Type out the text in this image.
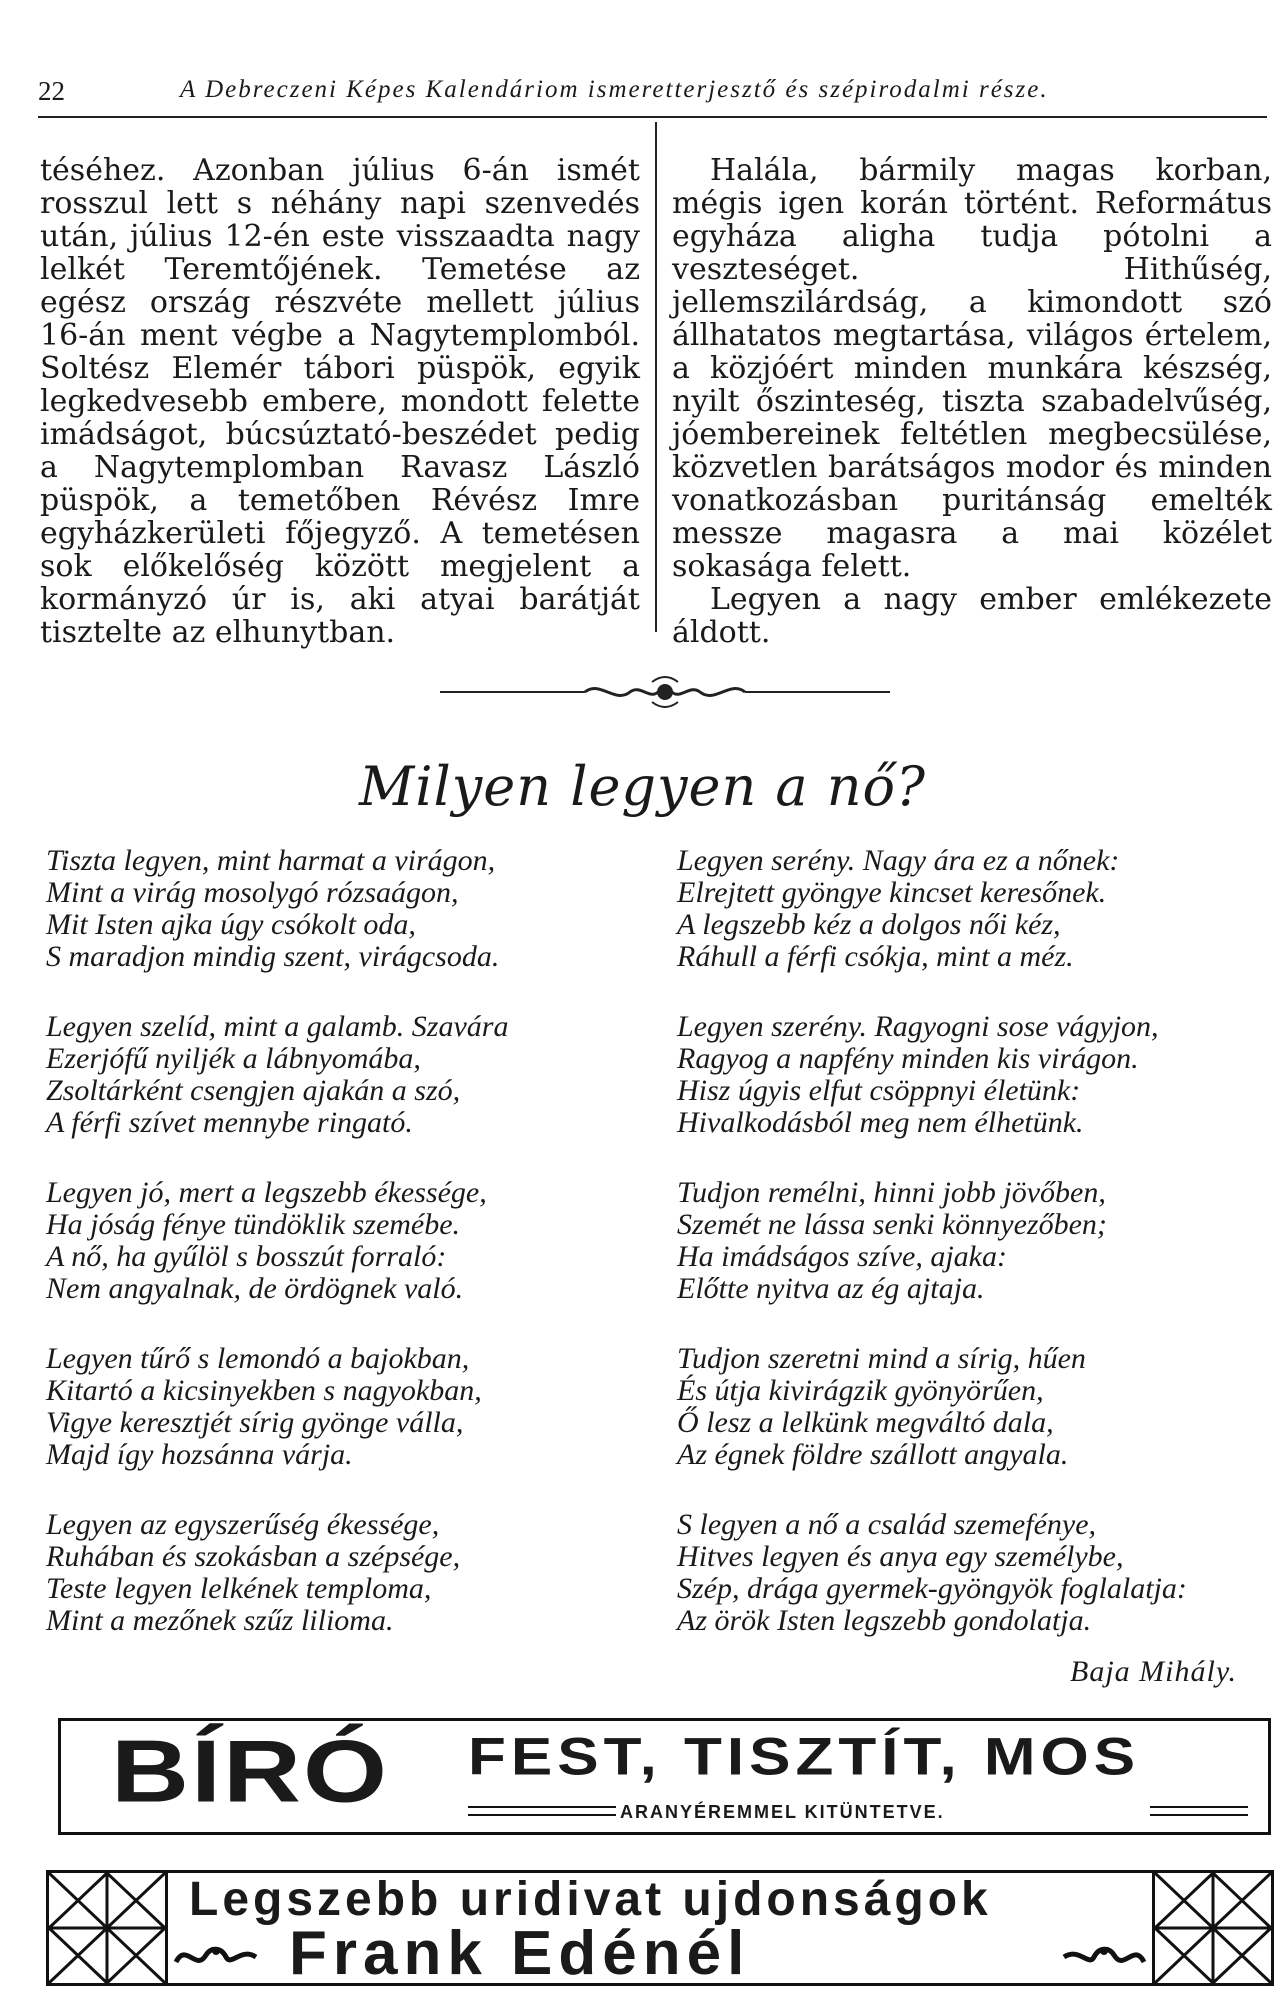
22	A Debreczeni Képes Kalendáriom ismeretterjesztő és szépirodalmi része.

téséhez. Azonban július 6-án ismét rosszul lett s néhány napi szenvedés után, július 12-én este visszaadta nagy lelkét Teremtőjének. Temetése az egész ország részvéte mellett július 16-án ment végbe a Nagytemplomból. Soltész Elemér tábori püspök, egyik legkedvesebb embere, mondott felette imádságot, búcsúztató-beszédet pedig a Nagytemplomban Ravasz László püspök, a temetőben Révész Imre egyházkerületi főjegyző. A temetésen sok előkelőség között megjelent a kormányzó úr is, aki atyai barátját tisztelte az elhunytban.

Halála, bármily magas korban, mégis igen korán történt. Református egyháza aligha tudja pótolni a veszteséget. Hithűség, jellemszilárdság, a kimondott szó állhatatos megtartása, világos értelem, a közjóért minden munkára készség, nyilt őszinteség, tiszta szabadelvűség, jóembereinek feltétlen megbecsülése, közvetlen barátságos modor és minden vonatkozásban puritánság emelték messze magasra a mai közélet sokasága felett.

Legyen a nagy ember emlékezete áldott.

Milyen legyen a nő?
Tiszta legyen, mint harmat a virágon,
Mint a virág mosolygó rózsaágon,
Mit Isten ajka úgy csókolt oda,
S maradjon mindig szent, virágcsoda.
Legyen szelíd, mint a galamb. Szavára
Ezerjófű nyiljék a lábnyomába,
Zsoltárként csengjen ajakán a szó,
A férfi szívet mennybe ringató.
Legyen jó, mert a legszebb ékessége,
Ha jóság fénye tündöklik szemébe.
A nő, ha gyűlöl s bosszút forraló:
Nem angyalnak, de ördögnek való.
Legyen tűrő s lemondó a bajokban,
Kitartó a kicsinyekben s nagyokban,
Vigye keresztjét sírig gyönge válla,
Majd így hozsánna várja.
Legyen az egyszerűség ékessége,
Ruhában és szokásban a szépsége,
Teste legyen lelkének temploma,
Mint a mezőnek szűz lilioma.
Legyen serény. Nagy ára ez a nőnek:
Elrejtett gyöngye kincset keresőnek.
A legszebb kéz a dolgos női kéz,
Ráhull a férfi csókja, mint a méz.
Legyen szerény. Ragyogni sose vágyjon,
Ragyog a napfény minden kis virágon.
Hisz úgyis elfut csöppnyi életünk:
Hivalkodásból meg nem élhetünk.
Tudjon remélni, hinni jobb jövőben,
Szemét ne lássa senki könnyezőben;
Ha imádságos szíve, ajaka:
Előtte nyitva az ég ajtaja.
Tudjon szeretni mind a sírig, hűen
És útja kivirágzik gyönyörűen,
Ő lesz a lelkünk megváltó dala,
Az égnek földre szállott angyala.
S legyen a nő a család szemefénye,
Hitves legyen és anya egy személybe,
Szép, drága gyermek-gyöngyök foglalatja:
Az örök Isten legszebb gondolatja.
Baja Mihály.
BÍRÓ FEST, TISZTÍT, MOS
ARANYÉREMMEL KITÜNTETVE.
Legszebb uridivat ujdonságok
Frank Edénél
